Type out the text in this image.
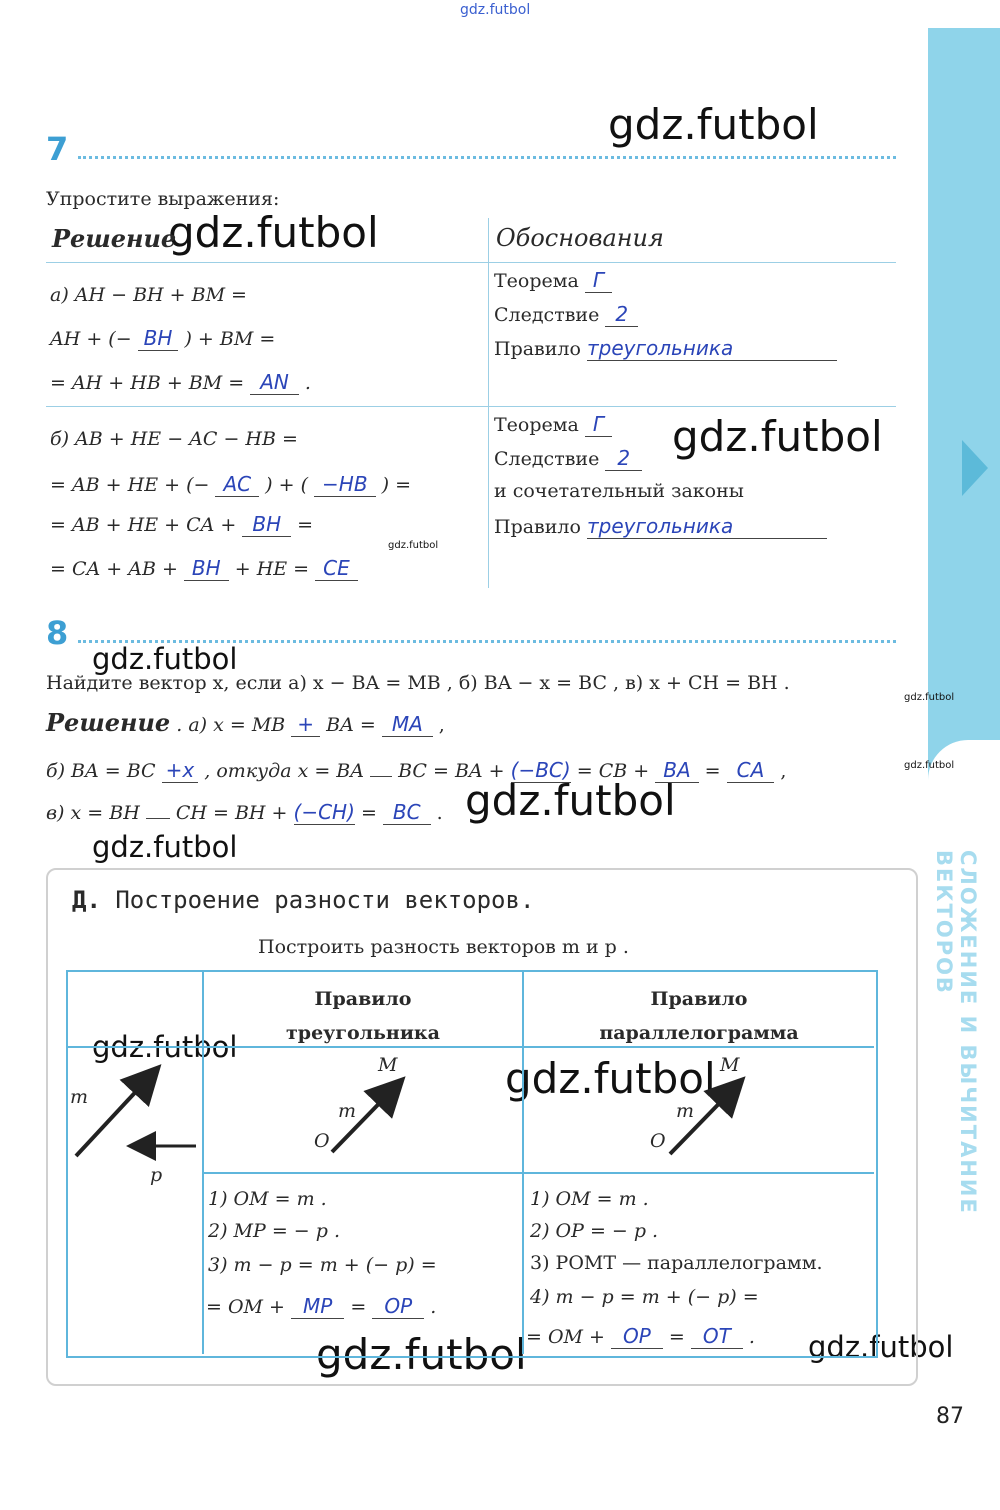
СЛОЖЕНИЕ И ВЫЧИТАНИЕ ВЕКТОРОВ
gdz.futbol
gdz.futbol
gdz.futbol
gdz.futbol
gdz.futbol
gdz.futbol
gdz.futbol
gdz.futbol
gdz.futbol
gdz.futbol
gdz.futbol
gdz.futbol
gdz.futbol	gdz.futbol
7
Упростите выражения:
Решение	Обоснования
а) AH − BH + BM =
AH + (− BH ) + BM =
= AH + HB + BM = AN .
Теорема Г
Следствие 2
Правило треугольника
б) AB + HE − AC − HB =
= AB + HE + (− AC ) + ( −HB ) =
= AB + HE + CA + BH =
= CA + AB + BH + HE = CE
Теорема Г
Следствие 2
и сочетательный законы
Правило треугольника
8
Найдите вектор x, если а) x − BA = MB , б) BA − x = BC , в) x + CH = BH .
Решение . а) x = MB + BA = MA ,
б) BA = BC +x , откуда x = BA BC = BA + (−BC) = CB + BA = CA ,
в) x = BH CH = BH + (−CH) = BC .
Д. Построение разности векторов.
Построить разность векторов m и p .
Правило
треугольника
Правило
параллелограмма
m
p
M
m
O
M
m
O
1) OM = m .
2) MP = − p .
3) m − p = m + (− p) =
= OM + MP = OP .
1) OM = m .
2) OP = − p .
3) POMT — параллелограмм.
4) m − p = m + (− p) =
= OM + OP = OT .
87
